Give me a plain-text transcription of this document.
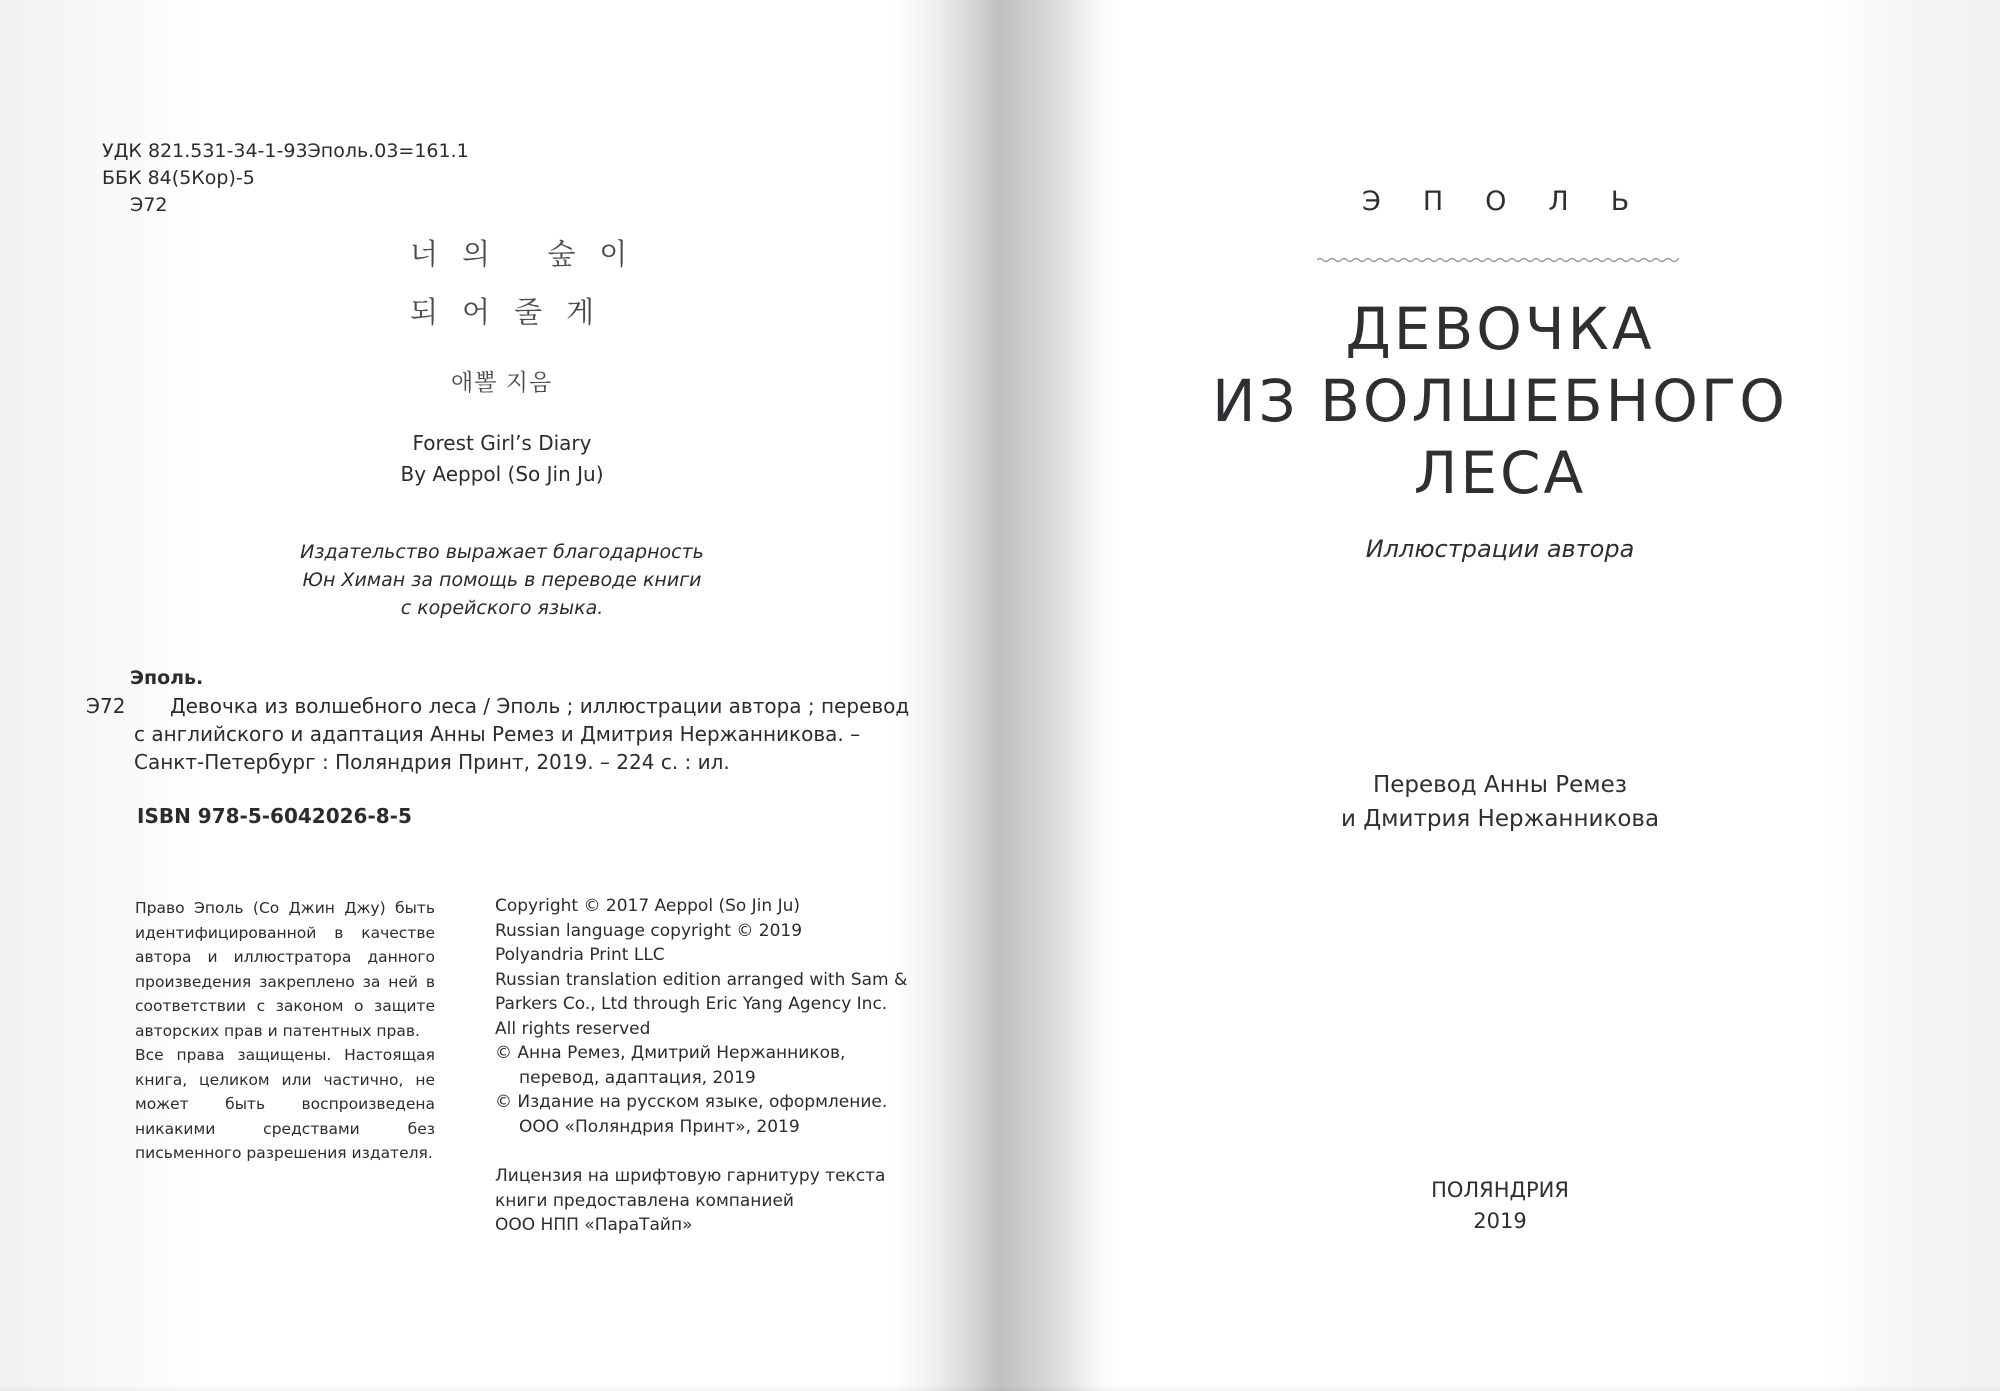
УДК 821.531-34-1-93Эполь.03=161.1
ББК 84(5Кор)-5
Э72
너의 숲이
되어줄게
애뽈 지음
Forest Girl’s Diary
By Aeppol (So Jin Ju)
Издательство выражает благодарность
Юн Химан за помощь в переводе книги
с корейского языка.
Эполь.
Э72 Девочка из волшебного леса / Эполь ; иллюстрации автора ; перевод
с английского и адаптация Анны Ремез и Дмитрия Нержанникова. –
Санкт-Петербург : Поляндрия Принт, 2019. – 224 с. : ил.
ISBN 978-5-6042026-8-5
Право Эполь (Со Джин Джу) быть идентифицированной в качестве автора и иллюстратора данного произведения закреплено за ней в соответствии с законом о защите авторских прав и патентных прав.
Все права защищены. Настоящая книга, целиком или частично, не может быть воспроизведена никакими средствами без письменного разрешения издателя.
Copyright © 2017 Aeppol (So Jin Ju)
Russian language copyright © 2019
Polyandria Print LLC
Russian translation edition arranged with Sam &
Parkers Co., Ltd through Eric Yang Agency Inc.
All rights reserved
© Анна Ремез, Дмитрий Нержанников,
перевод, адаптация, 2019
© Издание на русском языке, оформление.
ООО «Поляндрия Принт», 2019
Лицензия на шрифтовую гарнитуру текста
книги предоставлена компанией
ООО НПП «ПараТайп»
ЭПОЛЬ
ДЕВОЧКА
ИЗ ВОЛШЕБНОГО
ЛЕСА
Иллюстрации автора
Перевод Анны Ремез
и Дмитрия Нержанникова
ПОЛЯНДРИЯ
2019
